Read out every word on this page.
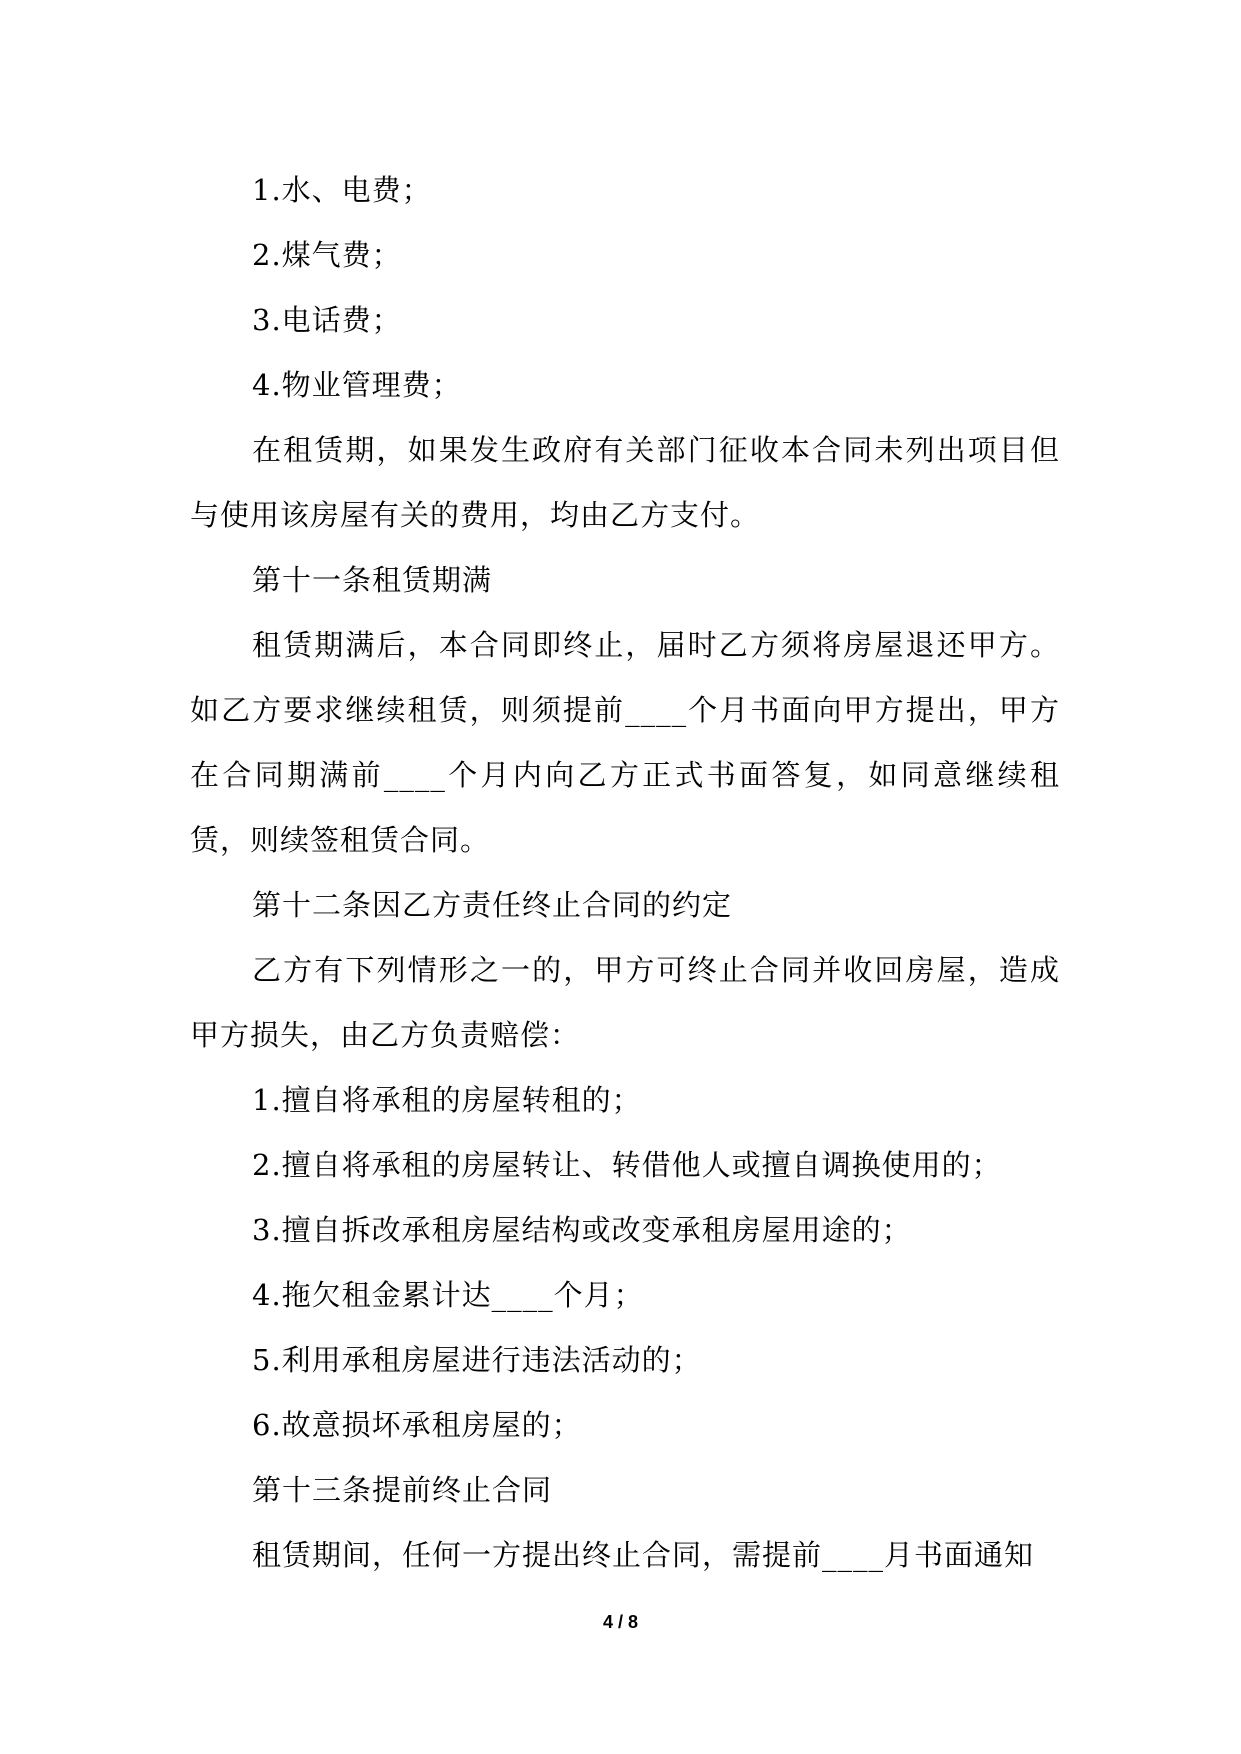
1.水、电费；

2.煤气费；

3.电话费；

4.物业管理费；

在租赁期，如果发生政府有关部门征收本合同未列出项目但与使用该房屋有关的费用，均由乙方支付。

第十一条租赁期满

租赁期满后，本合同即终止，届时乙方须将房屋退还甲方。如乙方要求继续租赁，则须提前____个月书面向甲方提出，甲方在合同期满前____个月内向乙方正式书面答复，如同意继续租赁，则续签租赁合同。

第十二条因乙方责任终止合同的约定

乙方有下列情形之一的，甲方可终止合同并收回房屋，造成甲方损失，由乙方负责赔偿：

1.擅自将承租的房屋转租的；

2.擅自将承租的房屋转让、转借他人或擅自调换使用的；

3.擅自拆改承租房屋结构或改变承租房屋用途的；

4.拖欠租金累计达____个月；

5.利用承租房屋进行违法活动的；

6.故意损坏承租房屋的；

第十三条提前终止合同

租赁期间，任何一方提出终止合同，需提前____月书面通知

4 / 8
